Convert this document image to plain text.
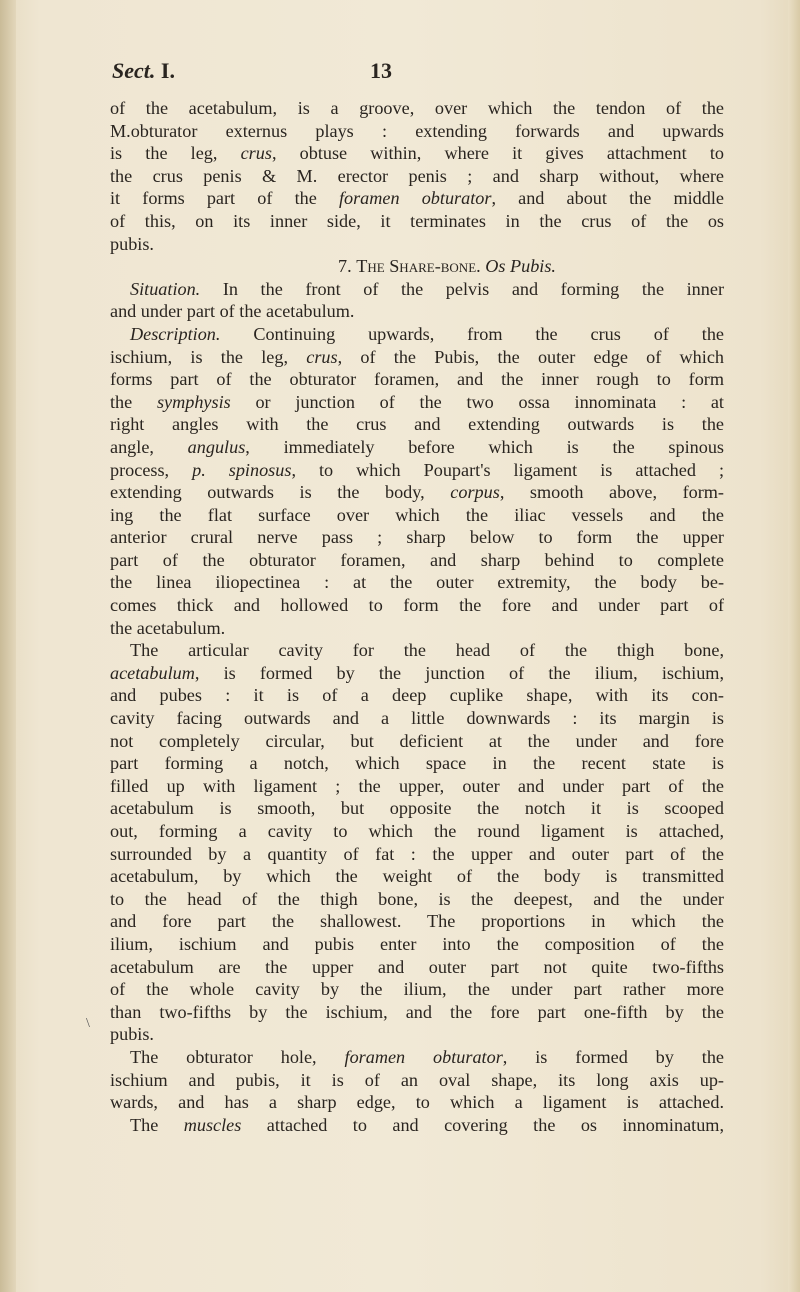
Sect. I.	13
\
of the acetabulum, is a groove, over which the tendon of the
M.obturator externus plays : extending forwards and upwards
is the leg, crus, obtuse within, where it gives attachment to
the crus penis & M. erector penis ; and sharp without, where
it forms part of the foramen obturator, and about the middle
of this, on its inner side, it terminates in the crus of the os
pubis.
7. The Share-bone. Os Pubis.
Situation. In the front of the pelvis and forming the inner
and under part of the acetabulum.
Description. Continuing upwards, from the crus of the
ischium, is the leg, crus, of the Pubis, the outer edge of which
forms part of the obturator foramen, and the inner rough to form
the symphysis or junction of the two ossa innominata : at
right angles with the crus and extending outwards is the
angle, angulus, immediately before which is the spinous
process, p. spinosus, to which Poupart's ligament is attached ;
extending outwards is the body, corpus, smooth above, form-
ing the flat surface over which the iliac vessels and the
anterior crural nerve pass ; sharp below to form the upper
part of the obturator foramen, and sharp behind to complete
the linea iliopectinea : at the outer extremity, the body be-
comes thick and hollowed to form the fore and under part of
the acetabulum.
The articular cavity for the head of the thigh bone,
acetabulum, is formed by the junction of the ilium, ischium,
and pubes : it is of a deep cuplike shape, with its con-
cavity facing outwards and a little downwards : its margin is
not completely circular, but deficient at the under and fore
part forming a notch, which space in the recent state is
filled up with ligament ; the upper, outer and under part of the
acetabulum is smooth, but opposite the notch it is scooped
out, forming a cavity to which the round ligament is attached,
surrounded by a quantity of fat : the upper and outer part of the
acetabulum, by which the weight of the body is transmitted
to the head of the thigh bone, is the deepest, and the under
and fore part the shallowest. The proportions in which the
ilium, ischium and pubis enter into the composition of the
acetabulum are the upper and outer part not quite two-fifths
of the whole cavity by the ilium, the under part rather more
than two-fifths by the ischium, and the fore part one-fifth by the
pubis.
The obturator hole, foramen obturator, is formed by the
ischium and pubis, it is of an oval shape, its long axis up-
wards, and has a sharp edge, to which a ligament is attached.
The muscles attached to and covering the os innominatum,
